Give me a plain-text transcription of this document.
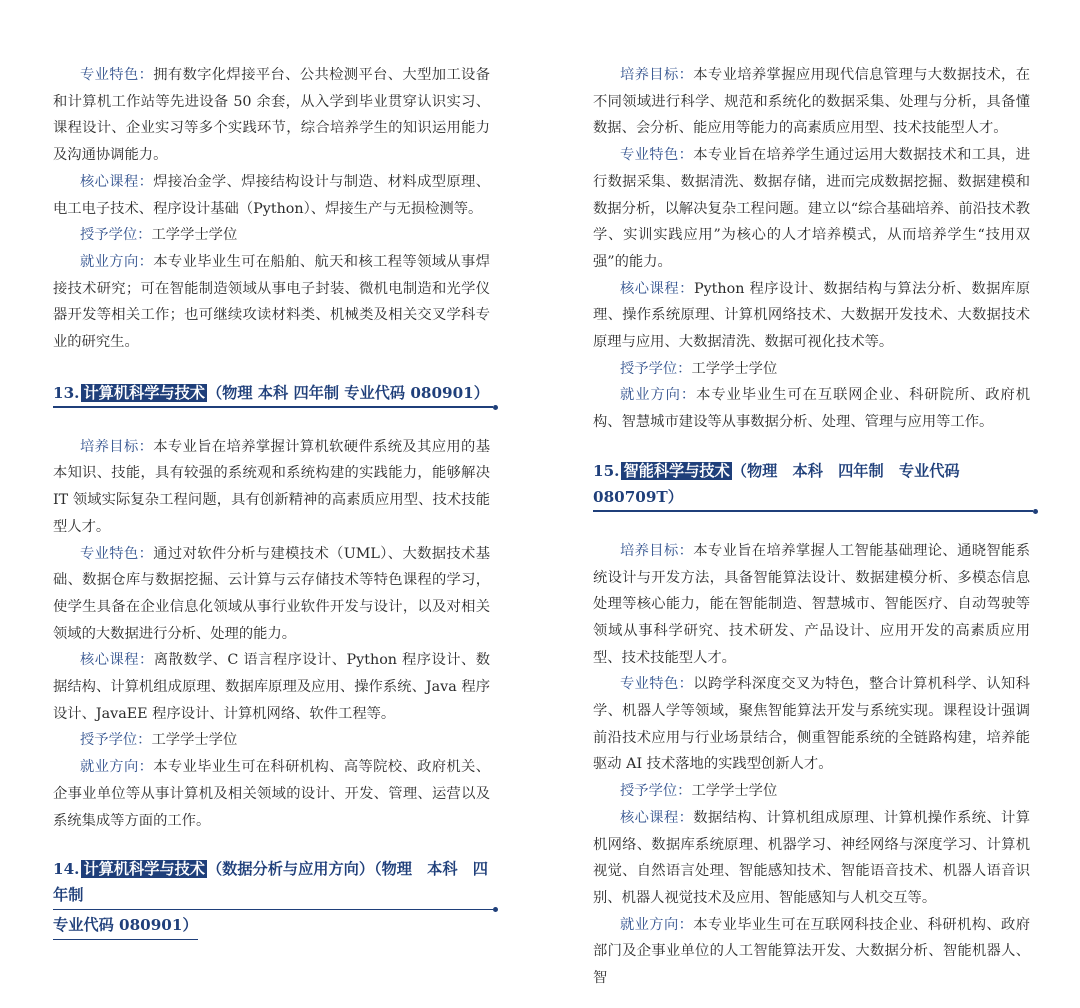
专业特色：拥有数字化焊接平台、公共检测平台、大型加工设备和计算机工作站等先进设备 50 余套，从入学到毕业贯穿认识实习、课程设计、企业实习等多个实践环节，综合培养学生的知识运用能力及沟通协调能力。

核心课程：焊接冶金学、焊接结构设计与制造、材料成型原理、电工电子技术、程序设计基础（Python）、焊接生产与无损检测等。

授予学位：工学学士学位

就业方向：本专业毕业生可在船舶、航天和核工程等领域从事焊接技术研究；可在智能制造领域从事电子封装、微机电制造和光学仪器开发等相关工作；也可继续攻读材料类、机械类及相关交叉学科专业的研究生。

13. 计算机科学与技术 （物理 本科 四年制 专业代码 080901）

培养目标：本专业旨在培养掌握计算机软硬件系统及其应用的基本知识、技能，具有较强的系统观和系统构建的实践能力，能够解决 IT 领域实际复杂工程问题，具有创新精神的高素质应用型、技术技能型人才。

专业特色：通过对软件分析与建模技术（UML）、大数据技术基础、数据仓库与数据挖掘、云计算与云存储技术等特色课程的学习，使学生具备在企业信息化领域从事行业软件开发与设计，以及对相关领域的大数据进行分析、处理的能力。

核心课程：离散数学、C 语言程序设计、Python 程序设计、数据结构、计算机组成原理、数据库原理及应用、操作系统、Java 程序设计、JavaEE 程序设计、计算机网络、软件工程等。

授予学位：工学学士学位

就业方向：本专业毕业生可在科研机构、高等院校、政府机关、企事业单位等从事计算机及相关领域的设计、开发、管理、运营以及系统集成等方面的工作。

14. 计算机科学与技术 （数据分析与应用方向）（物理　本科　四年制
专业代码 080901）

培养目标：本专业培养掌握应用现代信息管理与大数据技术，在不同领域进行科学、规范和系统化的数据采集、处理与分析，具备懂数据、会分析、能应用等能力的高素质应用型、技术技能型人才。

专业特色：本专业旨在培养学生通过运用大数据技术和工具，进行数据采集、数据清洗、数据存储，进而完成数据挖掘、数据建模和数据分析，以解决复杂工程问题。建立以“综合基础培养、前沿技术教学、实训实践应用”为核心的人才培养模式，从而培养学生“技用双强”的能力。

核心课程：Python 程序设计、数据结构与算法分析、数据库原理、操作系统原理、计算机网络技术、大数据开发技术、大数据技术原理与应用、大数据清洗、数据可视化技术等。

授予学位：工学学士学位

就业方向：本专业毕业生可在互联网企业、科研院所、政府机构、智慧城市建设等从事数据分析、处理、管理与应用等工作。

15. 智能科学与技术 （物理　本科　四年制　专业代码 080709T）

培养目标：本专业旨在培养掌握人工智能基础理论、通晓智能系统设计与开发方法，具备智能算法设计、数据建模分析、多模态信息处理等核心能力，能在智能制造、智慧城市、智能医疗、自动驾驶等领域从事科学研究、技术研发、产品设计、应用开发的高素质应用型、技术技能型人才。

专业特色：以跨学科深度交叉为特色，整合计算机科学、认知科学、机器人学等领域，聚焦智能算法开发与系统实现。课程设计强调前沿技术应用与行业场景结合，侧重智能系统的全链路构建，培养能驱动 AI 技术落地的实践型创新人才。

授予学位：工学学士学位

核心课程：数据结构、计算机组成原理、计算机操作系统、计算机网络、数据库系统原理、机器学习、神经网络与深度学习、计算机视觉、自然语言处理、智能感知技术、智能语音技术、机器人语音识别、机器人视觉技术及应用、智能感知与人机交互等。

就业方向：本专业毕业生可在互联网科技企业、科研机构、政府部门及企事业单位的人工智能算法开发、大数据分析、智能机器人、智
